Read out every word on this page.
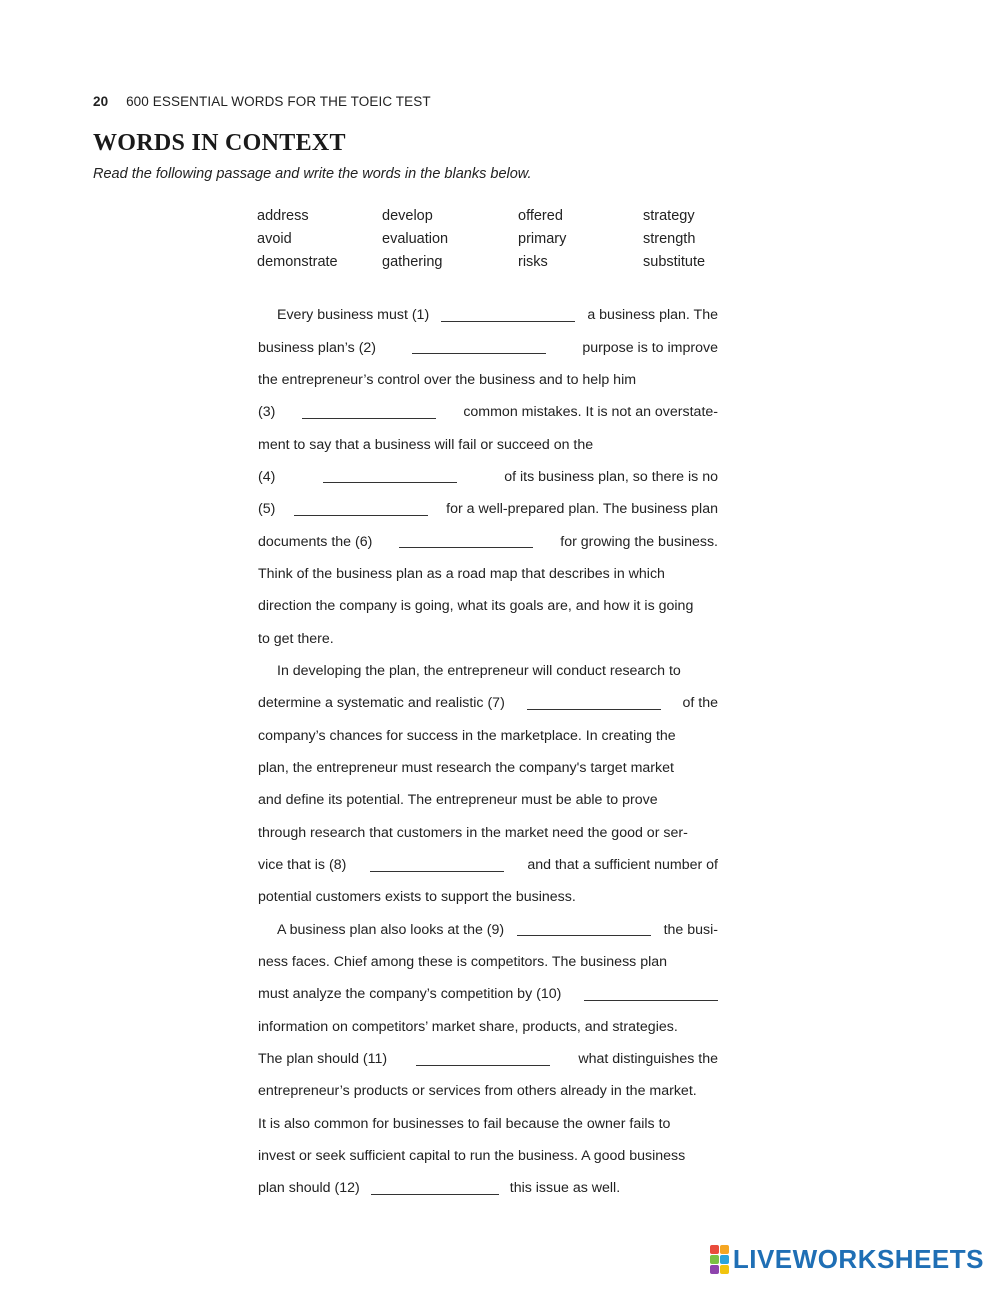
20 600 ESSENTIAL WORDS FOR THE TOEIC TEST
WORDS IN CONTEXT

Read the following passage and write the words in the blanks below.

address	develop	offered	strategy
avoid	evaluation	primary	strength
demonstrate	gathering	risks	substitute
Every business must (1)	a business plan. The
business plan’s (2)	purpose is to improve
the entrepreneur’s control over the business and to help him
(3)	common mistakes. It is not an overstate-
ment to say that a business will fail or succeed on the
(4)	of its business plan, so there is no
(5)	for a well-prepared plan. The business plan
documents the (6)	for growing the business.
Think of the business plan as a road map that describes in which
direction the company is going, what its goals are, and how it is going
to get there.
In developing the plan, the entrepreneur will conduct research to
determine a systematic and realistic (7)	of the
company’s chances for success in the marketplace. In creating the
plan, the entrepreneur must research the company's target market
and define its potential. The entrepreneur must be able to prove
through research that customers in the market need the good or ser-
vice that is (8)	and that a sufficient number of
potential customers exists to support the business.
A business plan also looks at the (9)	the busi-
ness faces. Chief among these is competitors. The business plan
must analyze the company’s competition by (10)
information on competitors’ market share, products, and strategies.
The plan should (11)	what distinguishes the
entrepreneur’s products or services from others already in the market.
It is also common for businesses to fail because the owner fails to
invest or seek sufficient capital to run the business. A good business
plan should (12)	this issue as well.
LIVEWORKSHEETS
